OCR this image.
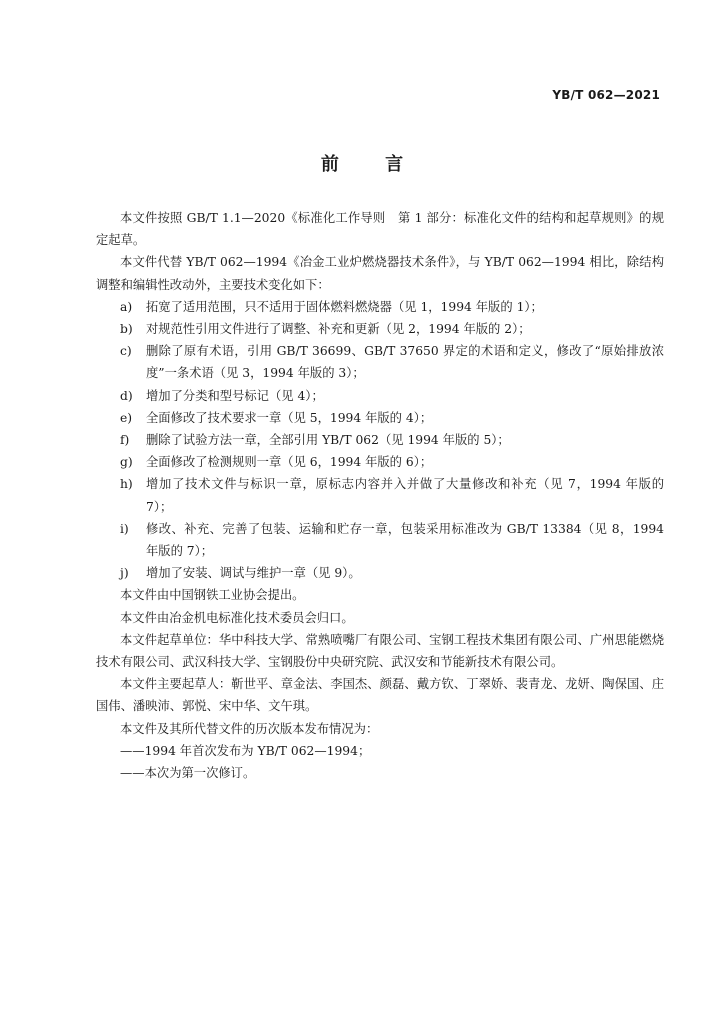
YB/T 062—2021
前 言

本文件按照 GB/T 1.1—2020《标准化工作导则　第 1 部分：标准化文件的结构和起草规则》的规定起草。

本文件代替 YB/T 062—1994《冶金工业炉燃烧器技术条件》，与 YB/T 062—1994 相比，除结构调整和编辑性改动外，主要技术变化如下：

a)	拓宽了适用范围，只不适用于固体燃料燃烧器（见 1，1994 年版的 1）；
b)	对规范性引用文件进行了调整、补充和更新（见 2，1994 年版的 2）；
c)	删除了原有术语，引用 GB/T 36699、GB/T 37650 界定的术语和定义，修改了“原始排放浓度”一条术语（见 3，1994 年版的 3）；
d)	增加了分类和型号标记（见 4）；
e)	全面修改了技术要求一章（见 5，1994 年版的 4）；
f)	删除了试验方法一章，全部引用 YB/T 062（见 1994 年版的 5）；
g)	全面修改了检测规则一章（见 6，1994 年版的 6）；
h)	增加了技术文件与标识一章，原标志内容并入并做了大量修改和补充（见 7，1994 年版的 7）；
i)	修改、补充、完善了包装、运输和贮存一章，包装采用标准改为 GB/T 13384（见 8，1994 年版的 7）；
j)	增加了安装、调试与维护一章（见 9）。

本文件由中国钢铁工业协会提出。

本文件由冶金机电标准化技术委员会归口。

本文件起草单位：华中科技大学、常熟喷嘴厂有限公司、宝钢工程技术集团有限公司、广州思能燃烧技术有限公司、武汉科技大学、宝钢股份中央研究院、武汉安和节能新技术有限公司。

本文件主要起草人：靳世平、章金法、李国杰、颜磊、戴方钦、丁翠娇、裴青龙、龙妍、陶保国、庄国伟、潘映沛、郭悦、宋中华、文午琪。

本文件及其所代替文件的历次版本发布情况为：

——1994 年首次发布为 YB/T 062—1994；

——本次为第一次修订。
